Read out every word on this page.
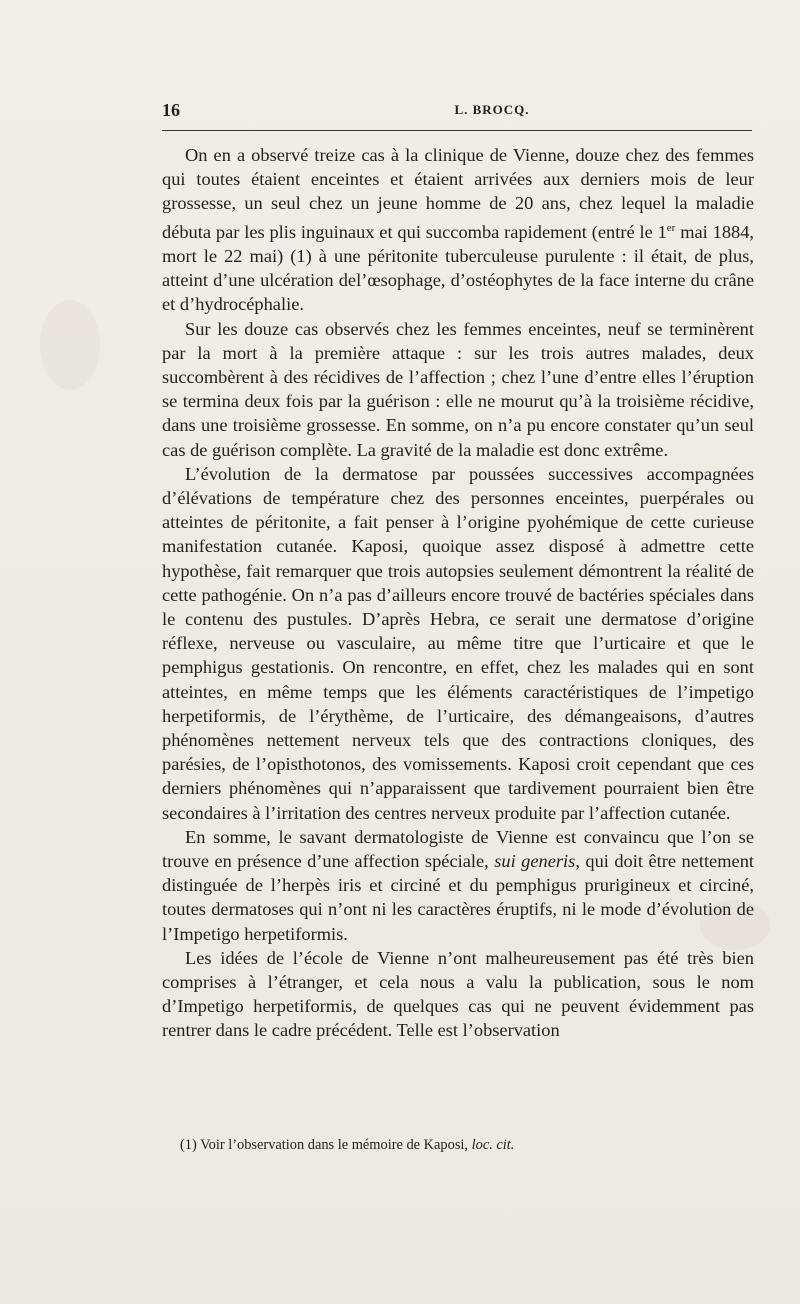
16	L. BROCQ.

On en a observé treize cas à la clinique de Vienne, douze chez des femmes qui toutes étaient enceintes et étaient arrivées aux derniers mois de leur grossesse, un seul chez un jeune homme de 20 ans, chez lequel la maladie débuta par les plis inguinaux et qui succomba rapidement (entré le 1er mai 1884, mort le 22 mai) (1) à une péritonite tuberculeuse purulente : il était, de plus, atteint d’une ulcération del’œsophage, d’ostéophytes de la face interne du crâne et d’hydrocéphalie.

Sur les douze cas observés chez les femmes enceintes, neuf se terminèrent par la mort à la première attaque : sur les trois autres malades, deux succombèrent à des récidives de l’affection ; chez l’une d’entre elles l’éruption se termina deux fois par la guérison : elle ne mourut qu’à la troisième récidive, dans une troisième grossesse. En somme, on n’a pu encore constater qu’un seul cas de guérison complète. La gravité de la maladie est donc extrême.

L’évolution de la dermatose par poussées successives accompagnées d’élévations de température chez des personnes enceintes, puerpérales ou atteintes de péritonite, a fait penser à l’origine pyohémique de cette curieuse manifestation cutanée. Kaposi, quoique assez disposé à admettre cette hypothèse, fait remarquer que trois autopsies seulement démontrent la réalité de cette pathogénie. On n’a pas d’ailleurs encore trouvé de bactéries spéciales dans le contenu des pustules. D’après Hebra, ce serait une dermatose d’origine réflexe, nerveuse ou vasculaire, au même titre que l’urticaire et que le pemphigus gestationis. On rencontre, en effet, chez les malades qui en sont atteintes, en même temps que les éléments caractéristiques de l’impetigo herpetiformis, de l’érythème, de l’urticaire, des démangeaisons, d’autres phénomènes nettement nerveux tels que des contractions cloniques, des parésies, de l’opisthotonos, des vomissements. Kaposi croit cependant que ces derniers phénomènes qui n’apparaissent que tardivement pourraient bien être secondaires à l’irritation des centres nerveux produite par l’affection cutanée.

En somme, le savant dermatologiste de Vienne est convaincu que l’on se trouve en présence d’une affection spéciale, sui generis, qui doit être nettement distinguée de l’herpès iris et circiné et du pemphigus prurigineux et circiné, toutes dermatoses qui n’ont ni les caractères éruptifs, ni le mode d’évolution de l’Impetigo herpetiformis.

Les idées de l’école de Vienne n’ont malheureusement pas été très bien comprises à l’étranger, et cela nous a valu la publication, sous le nom d’Impetigo herpetiformis, de quelques cas qui ne peuvent évidemment pas rentrer dans le cadre précédent. Telle est l’observation

(1) Voir l’observation dans le mémoire de Kaposi, loc. cit.
